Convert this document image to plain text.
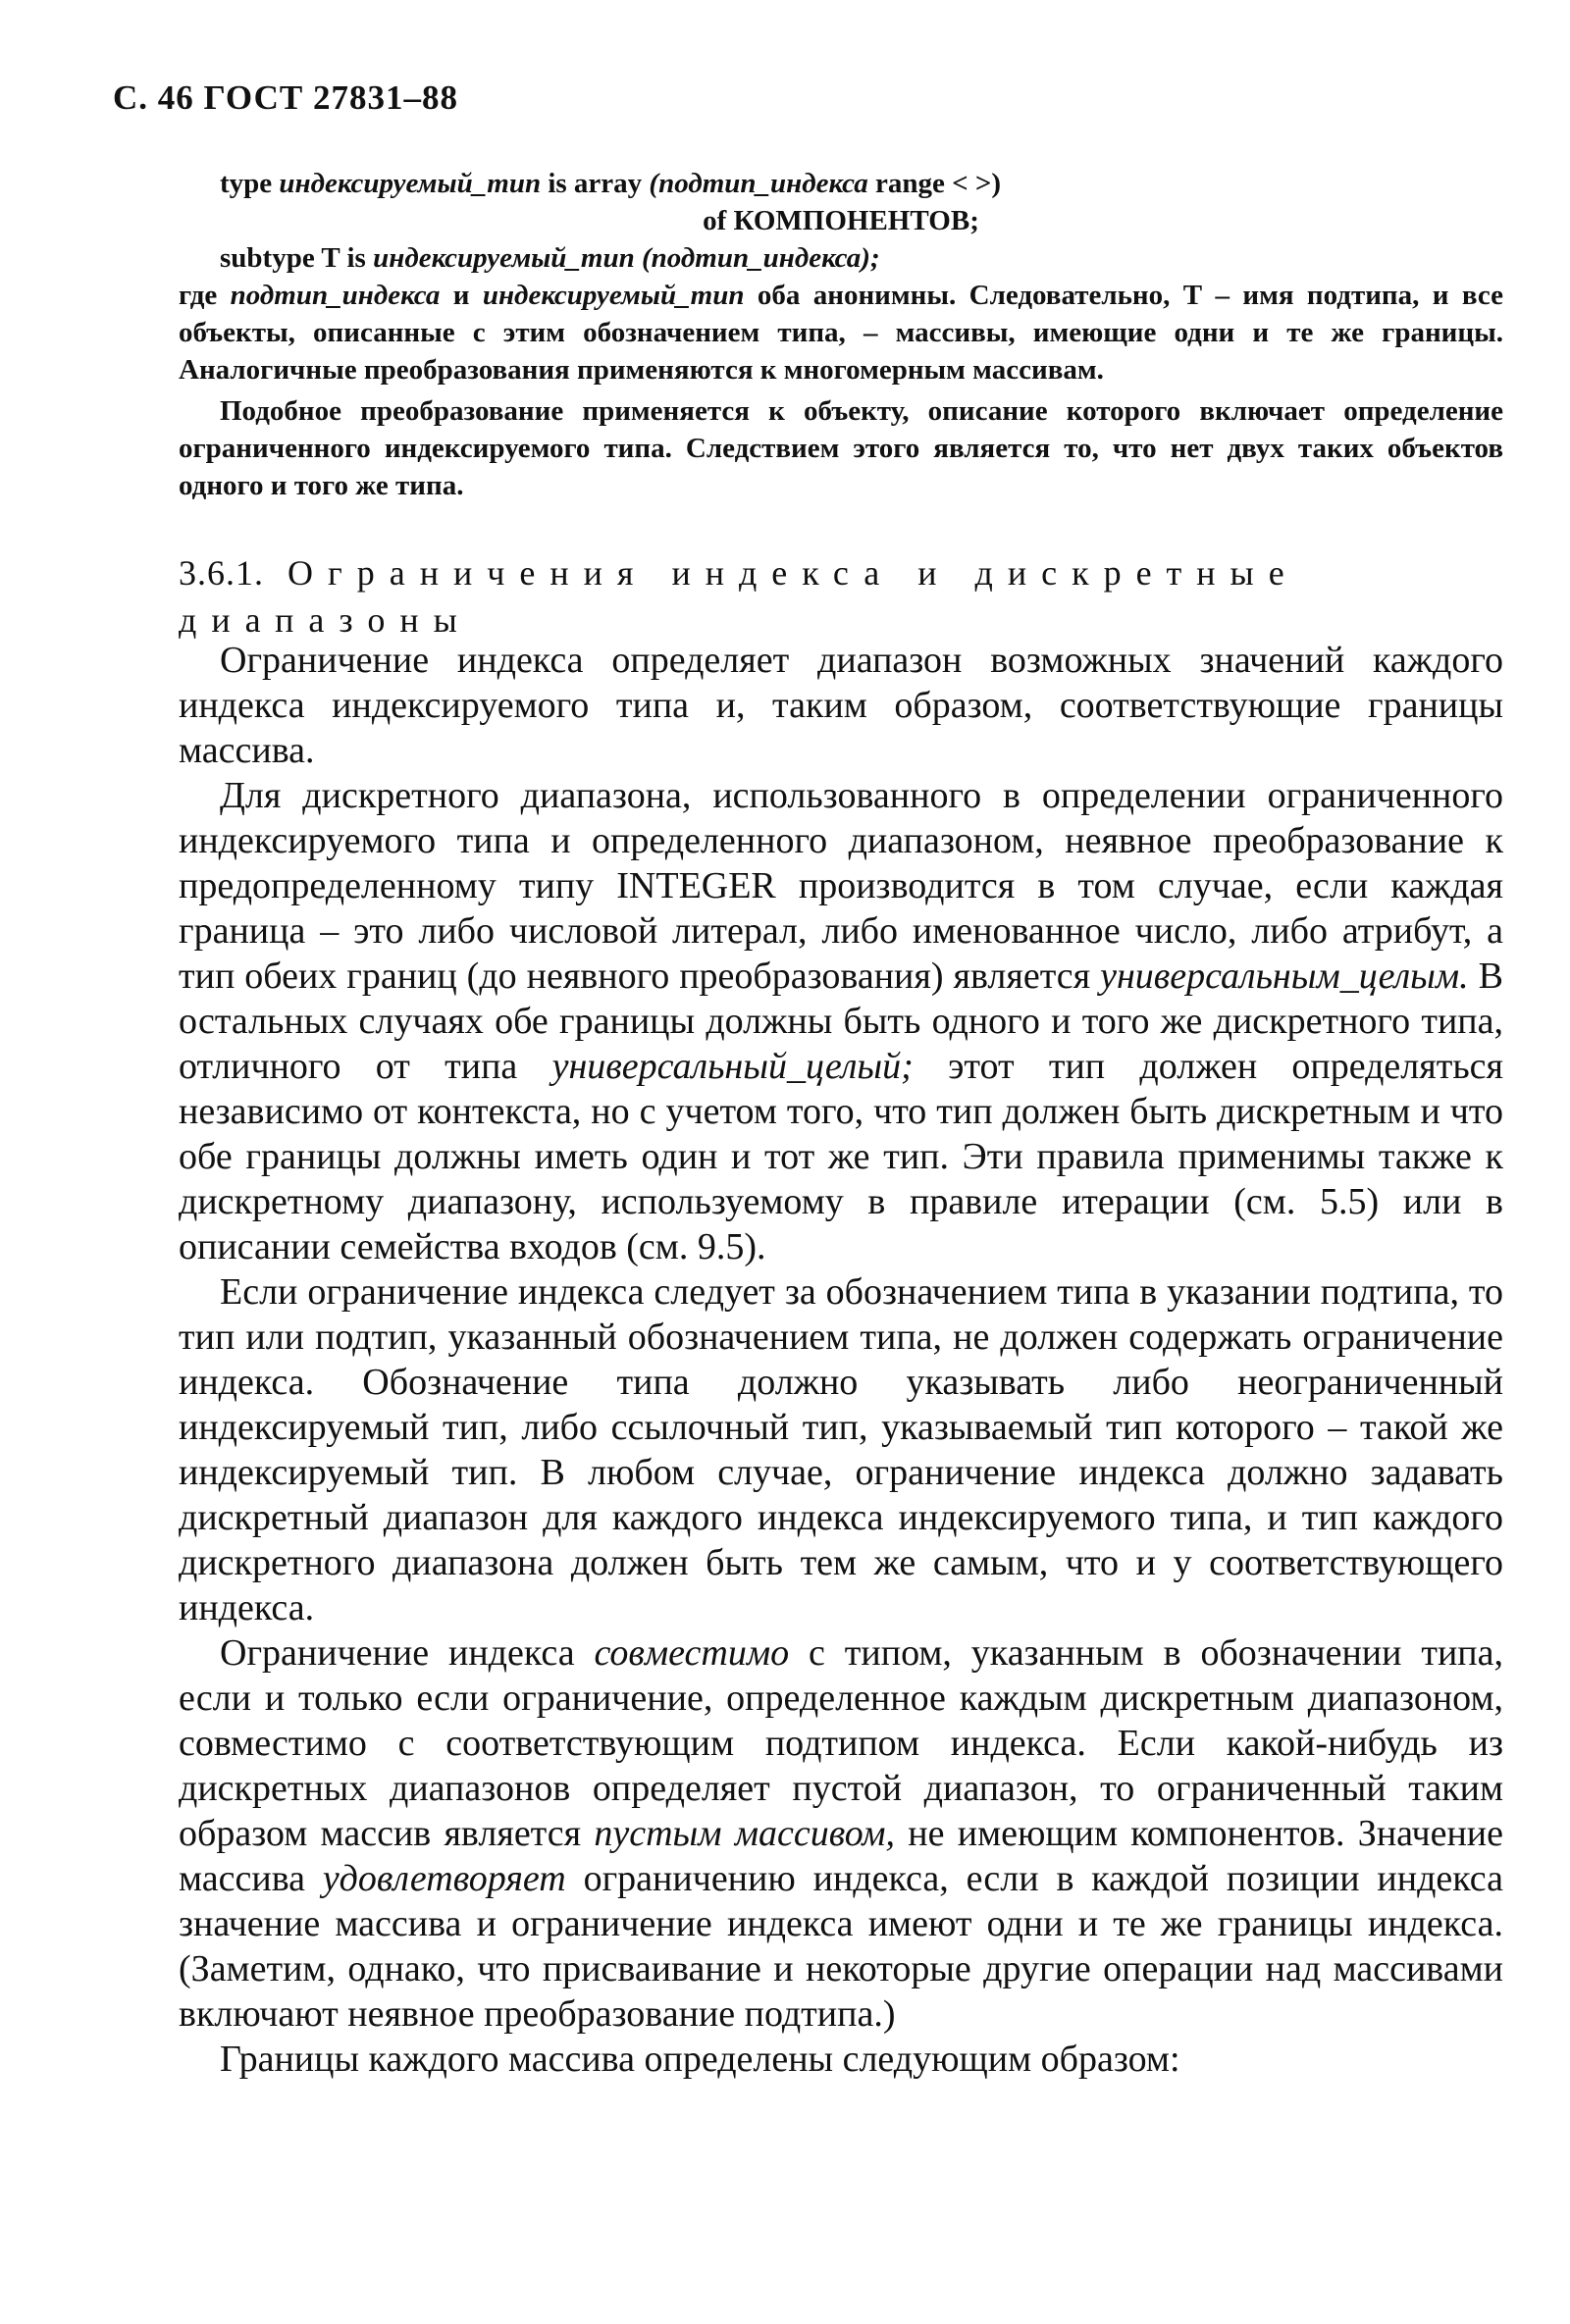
С. 46 ГОСТ 27831–88
type индексируемый_тип is array (подтип_индекса range < >)
of КОМПОНЕНТОВ;
subtype T is индексируемый_тип (подтип_индекса);

где подтип_индекса и индексируемый_тип оба анонимны. Следовательно, Т – имя подтипа, и все объекты, описанные с этим обозначением типа, – массивы, имеющие одни и те же границы. Аналогичные преобразования применяются к многомерным массивам.

Подобное преобразование применяется к объекту, описание которого включает определение ограниченного индексируемого типа. Следствием этого является то, что нет двух таких объектов одного и того же типа.

3.6.1. Ограничения индекса и дискретные диапазоны

Ограничение индекса определяет диапазон возможных значений каждого индекса индексируемого типа и, таким образом, соответствующие границы массива.

Для дискретного диапазона, использованного в определении ограниченного индексируемого типа и определенного диапазоном, неявное преобразование к предопределенному типу INTEGER производится в том случае, если каждая граница – это либо числовой литерал, либо именованное число, либо атрибут, а тип обеих границ (до неявного преобразования) является универсальным_целым. В остальных случаях обе границы должны быть одного и того же дискретного типа, отличного от типа универсальный_целый; этот тип должен определяться независимо от контекста, но с учетом того, что тип должен быть дискретным и что обе границы должны иметь один и тот же тип. Эти правила применимы также к дискретному диапазону, используемому в правиле итерации (см. 5.5) или в описании семейства входов (см. 9.5).

Если ограничение индекса следует за обозначением типа в указании подтипа, то тип или подтип, указанный обозначением типа, не должен содержать ограничение индекса. Обозначение типа должно указывать либо неограниченный индексируемый тип, либо ссылочный тип, указываемый тип которого – такой же индексируемый тип. В любом случае, ограничение индекса должно задавать дискретный диапазон для каждого индекса индексируемого типа, и тип каждого дискретного диапазона должен быть тем же самым, что и у соответствующего индекса.

Ограничение индекса совместимо с типом, указанным в обозначении типа, если и только если ограничение, определенное каждым дискретным диапазоном, совместимо с соответствующим подтипом индекса. Если какой-нибудь из дискретных диапазонов определяет пустой диапазон, то ограниченный таким образом массив является пустым массивом, не имеющим компонентов. Значение массива удовлетворяет ограничению индекса, если в каждой позиции индекса значение массива и ограничение индекса имеют одни и те же границы индекса. (Заметим, однако, что присваивание и некоторые другие операции над массивами включают неявное преобразование подтипа.)

Границы каждого массива определены следующим образом:
